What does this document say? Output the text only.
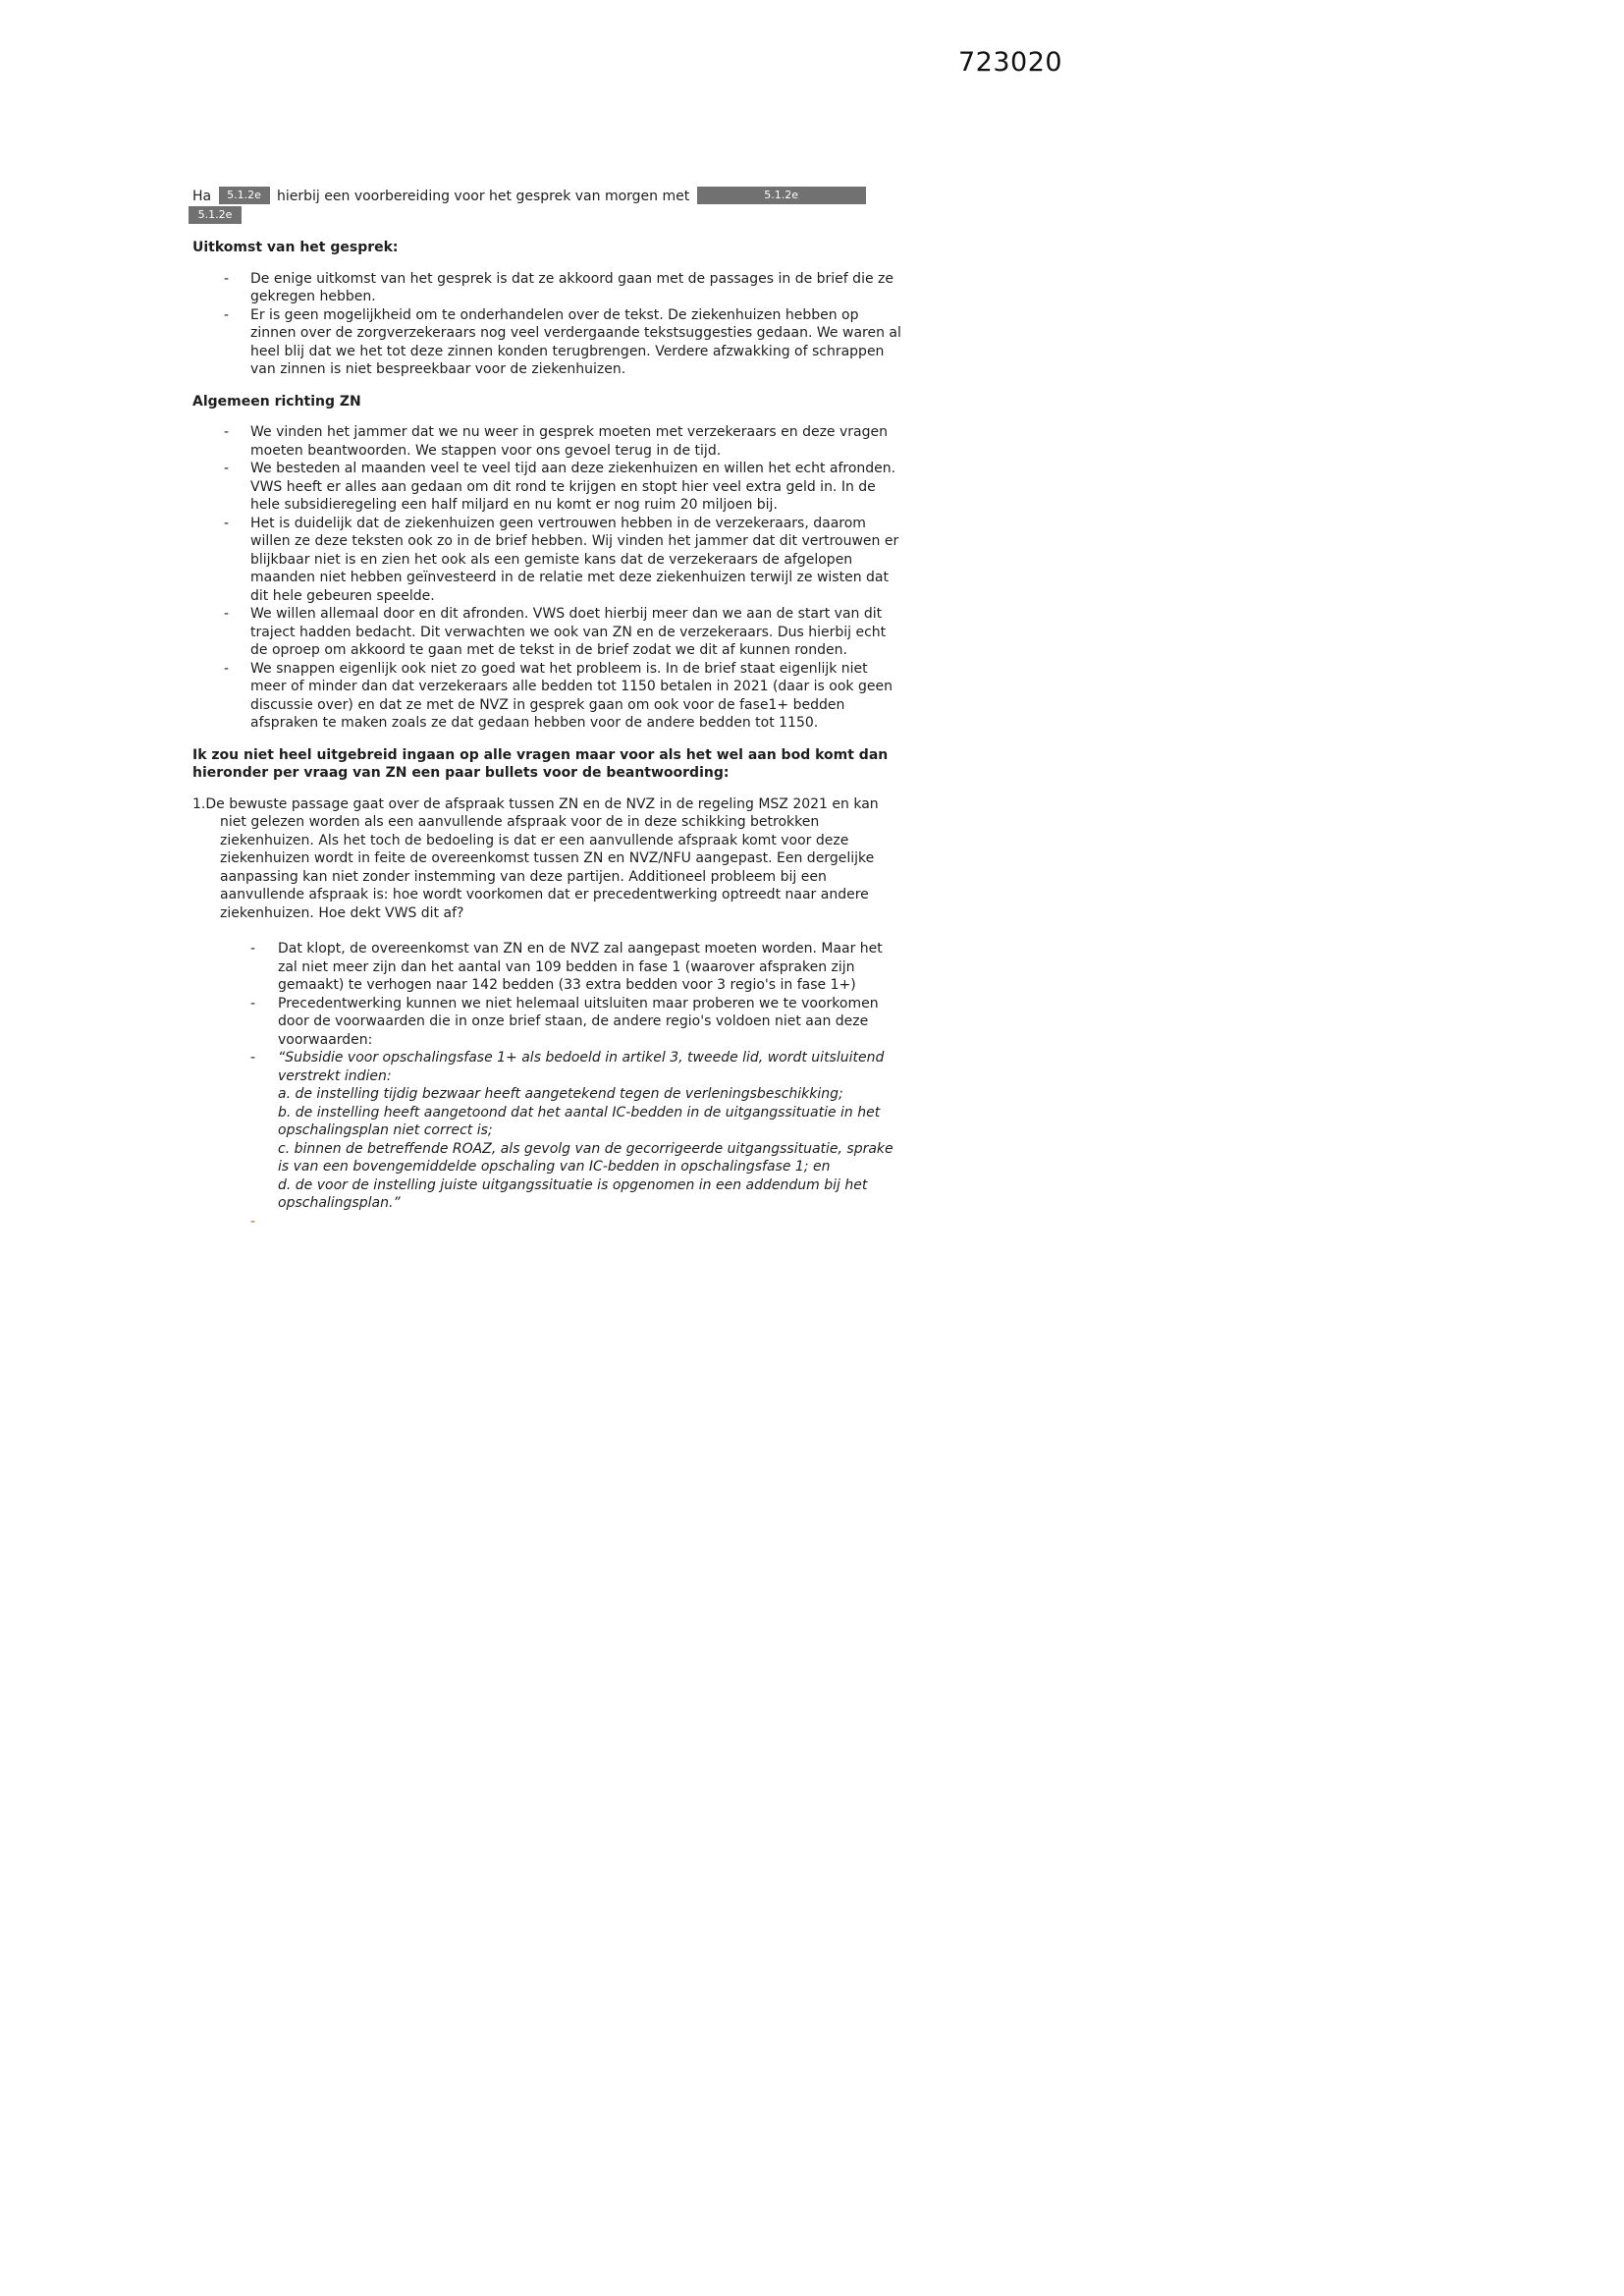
723020
Ha 5.1.2e hierbij een voorbereiding voor het gesprek van morgen met	5.1.2e
5.1.2e
Uitkomst van het gesprek:
-	De enige uitkomst van het gesprek is dat ze akkoord gaan met de passages in de brief die ze gekregen hebben.
-	Er is geen mogelijkheid om te onderhandelen over de tekst. De ziekenhuizen hebben op zinnen over de zorgverzekeraars nog veel verdergaande tekstsuggesties gedaan. We waren al heel blij dat we het tot deze zinnen konden terugbrengen. Verdere afzwakking of schrappen van zinnen is niet bespreekbaar voor de ziekenhuizen.
Algemeen richting ZN
-	We vinden het jammer dat we nu weer in gesprek moeten met verzekeraars en deze vragen moeten beantwoorden. We stappen voor ons gevoel terug in de tijd.
-	We besteden al maanden veel te veel tijd aan deze ziekenhuizen en willen het echt afronden. VWS heeft er alles aan gedaan om dit rond te krijgen en stopt hier veel extra geld in. In de hele subsidieregeling een half miljard en nu komt er nog ruim 20 miljoen bij.
-	Het is duidelijk dat de ziekenhuizen geen vertrouwen hebben in de verzekeraars, daarom willen ze deze teksten ook zo in de brief hebben. Wij vinden het jammer dat dit vertrouwen er blijkbaar niet is en zien het ook als een gemiste kans dat de verzekeraars de afgelopen maanden niet hebben geïnvesteerd in de relatie met deze ziekenhuizen terwijl ze wisten dat dit hele gebeuren speelde.
-	We willen allemaal door en dit afronden. VWS doet hierbij meer dan we aan de start van dit traject hadden bedacht. Dit verwachten we ook van ZN en de verzekeraars. Dus hierbij echt de oproep om akkoord te gaan met de tekst in de brief zodat we dit af kunnen ronden.
-	We snappen eigenlijk ook niet zo goed wat het probleem is. In de brief staat eigenlijk niet meer of minder dan dat verzekeraars alle bedden tot 1150 betalen in 2021 (daar is ook geen discussie over) en dat ze met de NVZ in gesprek gaan om ook voor de fase1+ bedden afspraken te maken zoals ze dat gedaan hebben voor de andere bedden tot 1150.
Ik zou niet heel uitgebreid ingaan op alle vragen maar voor als het wel aan bod komt dan hieronder per vraag van ZN een paar bullets voor de beantwoording:
1.De bewuste passage gaat over de afspraak tussen ZN en de NVZ in de regeling MSZ 2021 en kan niet gelezen worden als een aanvullende afspraak voor de in deze schikking betrokken ziekenhuizen. Als het toch de bedoeling is dat er een aanvullende afspraak komt voor deze ziekenhuizen wordt in feite de overeenkomst tussen ZN en NVZ/NFU aangepast. Een dergelijke aanpassing kan niet zonder instemming van deze partijen. Additioneel probleem bij een aanvullende afspraak is: hoe wordt voorkomen dat er precedentwerking optreedt naar andere ziekenhuizen. Hoe dekt VWS dit af?
-	Dat klopt, de overeenkomst van ZN en de NVZ zal aangepast moeten worden. Maar het zal niet meer zijn dan het aantal van 109 bedden in fase 1 (waarover afspraken zijn gemaakt) te verhogen naar 142 bedden (33 extra bedden voor 3 regio's in fase 1+)
-	Precedentwerking kunnen we niet helemaal uitsluiten maar proberen we te voorkomen door de voorwaarden die in onze brief staan, de andere regio's voldoen niet aan deze voorwaarden:
-	“Subsidie voor opschalingsfase 1+ als bedoeld in artikel 3, tweede lid, wordt uitsluitend verstrekt indien:
a. de instelling tijdig bezwaar heeft aangetekend tegen de verleningsbeschikking;
b. de instelling heeft aangetoond dat het aantal IC-bedden in de uitgangssituatie in het opschalingsplan niet correct is;
c. binnen de betreffende ROAZ, als gevolg van de gecorrigeerde uitgangssituatie, sprake is van een bovengemiddelde opschaling van IC-bedden in opschalingsfase 1; en
d. de voor de instelling juiste uitgangssituatie is opgenomen in een addendum bij het opschalingsplan.”
-
